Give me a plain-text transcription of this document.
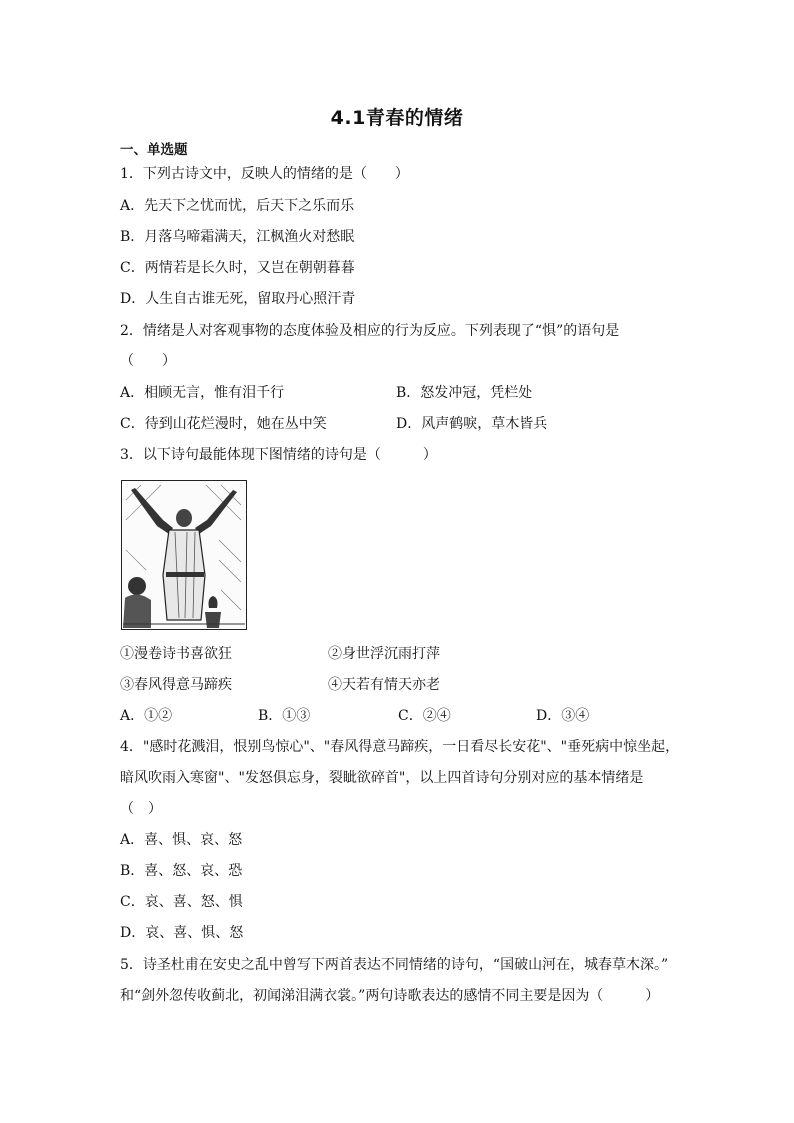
4.1青春的情绪
一、单选题
1．下列古诗文中，反映人的情绪的是（　　）
A．先天下之忧而忧，后天下之乐而乐
B．月落乌啼霜满天，江枫渔火对愁眠
C．两情若是长久时，又岂在朝朝暮暮
D．人生自古谁无死，留取丹心照汗青
2．情绪是人对客观事物的态度体验及相应的行为反应。下列表现了“惧”的语句是
（　　）
A．相顾无言，惟有泪千行	B．怒发冲冠，凭栏处
C．待到山花烂漫时，她在丛中笑	D．风声鹤唳，草木皆兵
3．以下诗句最能体现下图情绪的诗句是（　　　）
①漫卷诗书喜欲狂	②身世浮沉雨打萍
③春风得意马蹄疾	④天若有情天亦老
A．①②	B．①③	C．②④	D．③④
4．"感时花溅泪，恨别鸟惊心"、"春风得意马蹄疾，一日看尽长安花"、"垂死病中惊坐起，
暗风吹雨入寒窗"、"发怒俱忘身，裂眦欲碎首"，以上四首诗句分别对应的基本情绪是
（　）
A．喜、惧、哀、怒
B．喜、怒、哀、恐
C．哀、喜、怒、惧
D．哀、喜、惧、怒
5．诗圣杜甫在安史之乱中曾写下两首表达不同情绪的诗句，“国破山河在，城春草木深。”
和“剑外忽传收蓟北，初闻涕泪满衣裳。”两句诗歌表达的感情不同主要是因为（　　　）
